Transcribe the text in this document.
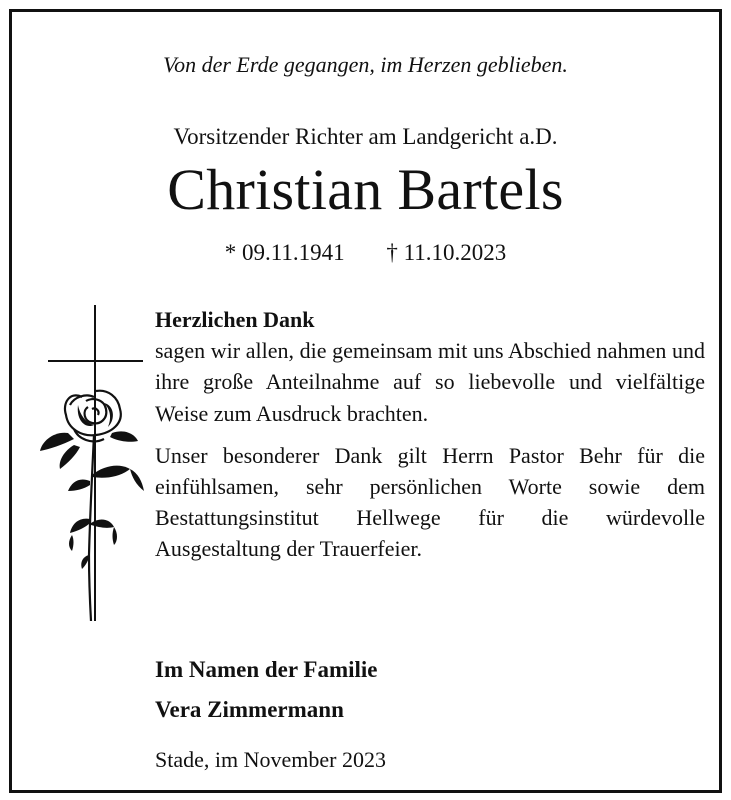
Von der Erde gegangen, im Herzen geblieben.
Vorsitzender Richter am Landgericht a.D.
Christian Bartels
* 09.11.1941 † 11.10.2023

Herzlichen Dank

sagen wir allen, die gemeinsam mit uns Abschied nahmen und ihre große Anteilnahme auf so liebevolle und vielfältige Weise zum Ausdruck brachten.

Unser besonderer Dank gilt Herrn Pastor Behr für die einfühlsamen, sehr persönlichen Worte sowie dem Bestattungsinstitut Hellwege für die würdevolle Ausgestaltung der Trauerfeier.

Im Namen der Familie
Vera Zimmermann
Stade, im November 2023
